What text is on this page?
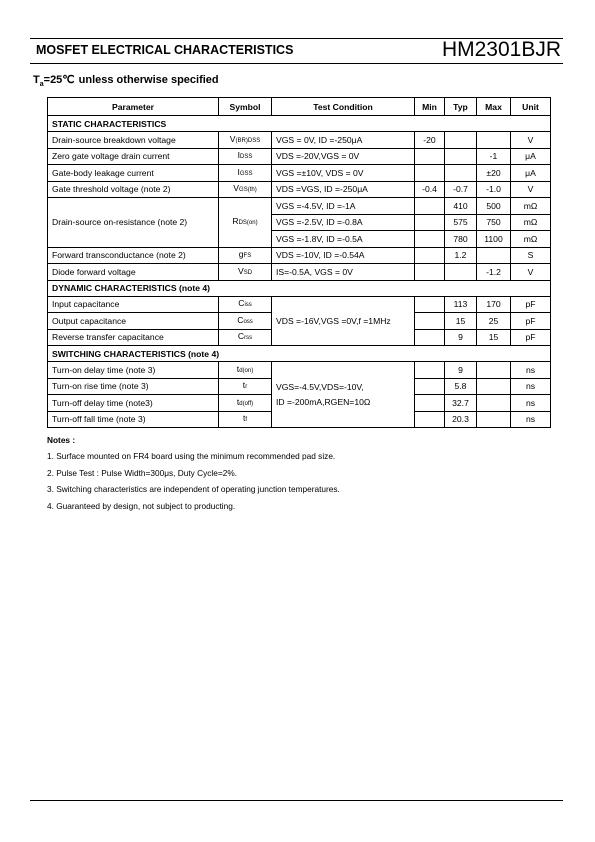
MOSFET ELECTRICAL CHARACTERISTICS	HM2301BJR
$T_a=25℃$ unless otherwise specified
Parameter	Symbol	Test Condition	Min	Typ	Max	Unit
STATIC CHARACTERISTICS						
Drain-source breakdown voltage	V(BR)DSS	VGS = 0V, ID =-250μA	-20			V
Zero gate voltage drain current	IDSS	VDS =-20V,VGS = 0V			-1	μA
Gate-body leakage current	IGSS	VGS =±10V, VDS = 0V			±20	μA
Gate threshold voltage (note 2)	VGS(th)	VDS =VGS, ID =-250μA	-0.4	-0.7	-1.0	V
Drain-source on-resistance (note 2)	RDS(on)	VGS =-4.5V, ID =-1A		410	500	mΩ
		VGS =-2.5V, ID =-0.8A		575	750	mΩ
		VGS =-1.8V, ID =-0.5A		780	1100	mΩ
Forward transconductance (note 2)	gFS	VDS =-10V, ID =-0.54A		1.2		S
Diode forward voltage	VSD	IS=-0.5A, VGS = 0V			-1.2	V
DYNAMIC CHARACTERISTICS (note 4)						
Input capacitance	Ciss	VDS =-16V,VGS =0V,f =1MHz		113	170	pF
Output capacitance	Coss			15	25	pF
Reverse transfer capacitance	Crss			9	15	pF
SWITCHING CHARACTERISTICS (note 4)						
Turn-on delay time (note 3)	td(on)	VGS=-4.5V,VDS=-10V,
ID =-200mA,RGEN=10Ω		9		ns
Turn-on rise time (note 3)	tr			5.8		ns
Turn-off delay time (note3)	td(off)			32.7		ns
Turn-off fall time (note 3)	tf			20.3		ns
Notes :
1. Surface mounted on FR4 board using the minimum recommended pad size.
2. Pulse Test : Pulse Width=300μs, Duty Cycle=2%.
3. Switching characteristics are independent of operating junction temperatures.
4. Guaranteed by design, not subject to producting.
